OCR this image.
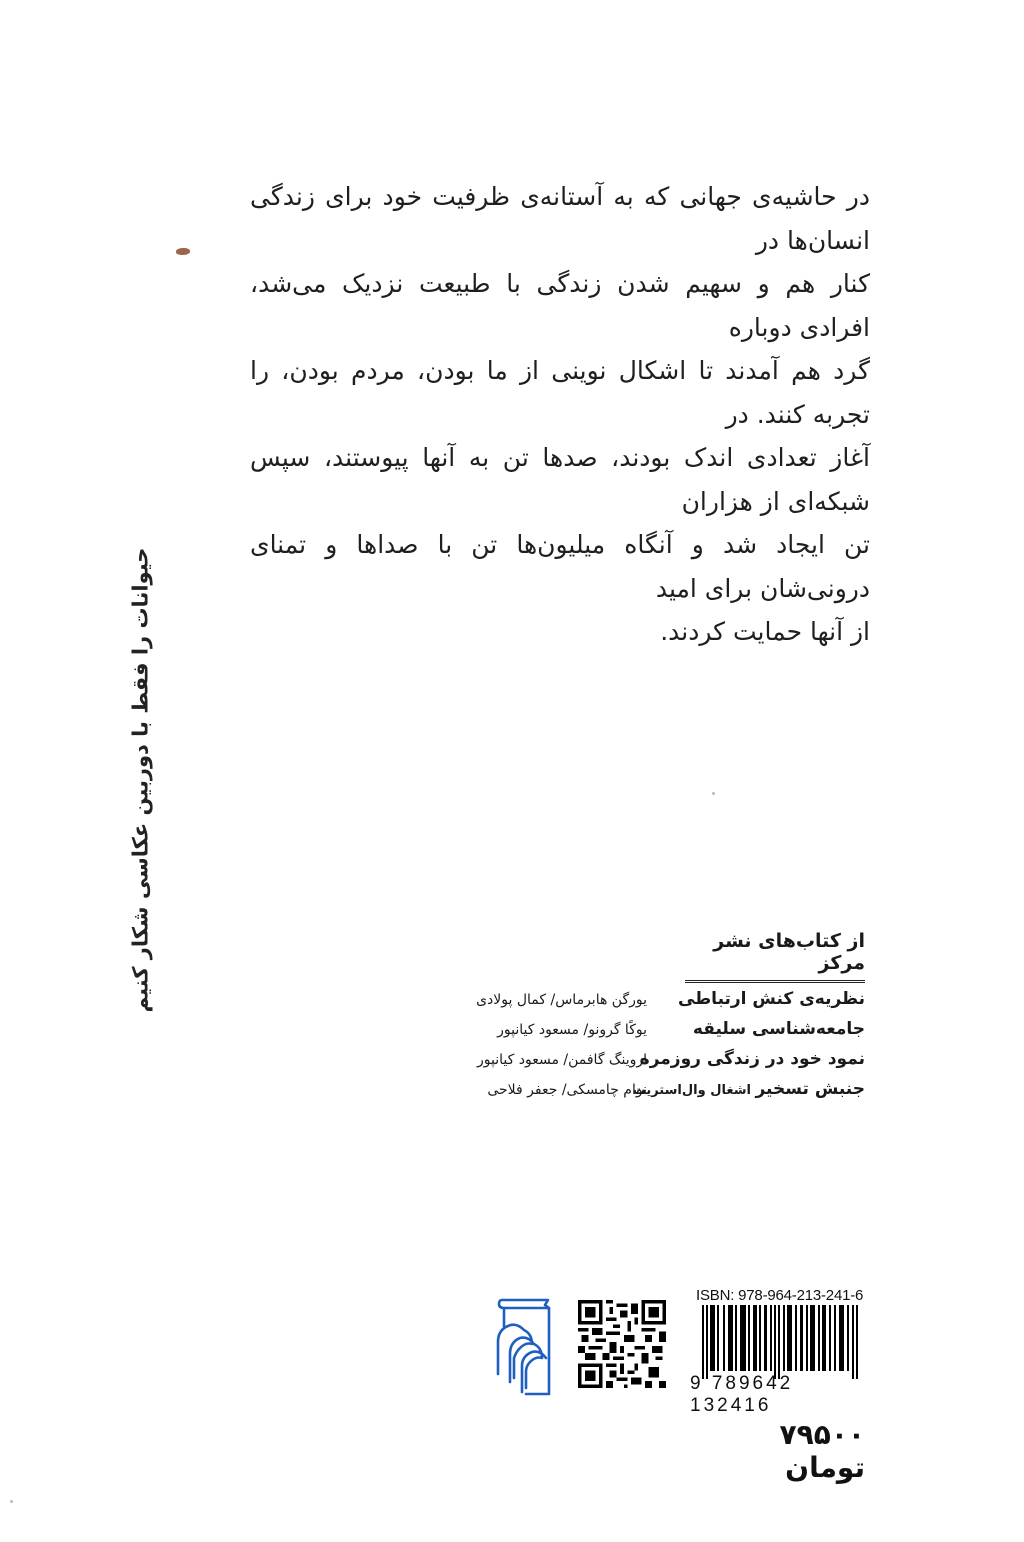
در حاشیه‌ی جهانی که به آستانه‌ی ظرفیت خود برای زندگی انسان‌ها در

کنار هم و سهیم شدن زندگی با طبیعت نزدیک می‌شد، افرادی دوباره

گرد هم آمدند تا اشکال نوینی از ما بودن، مردم بودن، را تجربه کنند. در

آغاز تعدادی اندک بودند، صدها تن به آنها پیوستند، سپس شبکه‌ای از هزاران

تن ایجاد شد و آنگاه میلیون‌ها تن با صداها و تمنای درونی‌شان برای امید

از آنها حمایت کردند.

حیوانات را فقط با دوربین عکاسی شکار کنیم	از کتاب‌های نشر مرکز
نظریه‌ی کنش ارتباطی
یورگن هابرماس/ کمال پولادی
جامعه‌شناسی سلیقه
یوکًا گرونو/ مسعود کیانپور
نمود خود در زندگی روزمره
اروینگ گافمن/ مسعود کیانپور
جنبش تسخیر اشغال وال‌استریت
نوام چامسکی/ جعفر فلاحی
ISBN: 978-964-213-241-6
9 789642 132416
۷۹۵۰۰ تومان
